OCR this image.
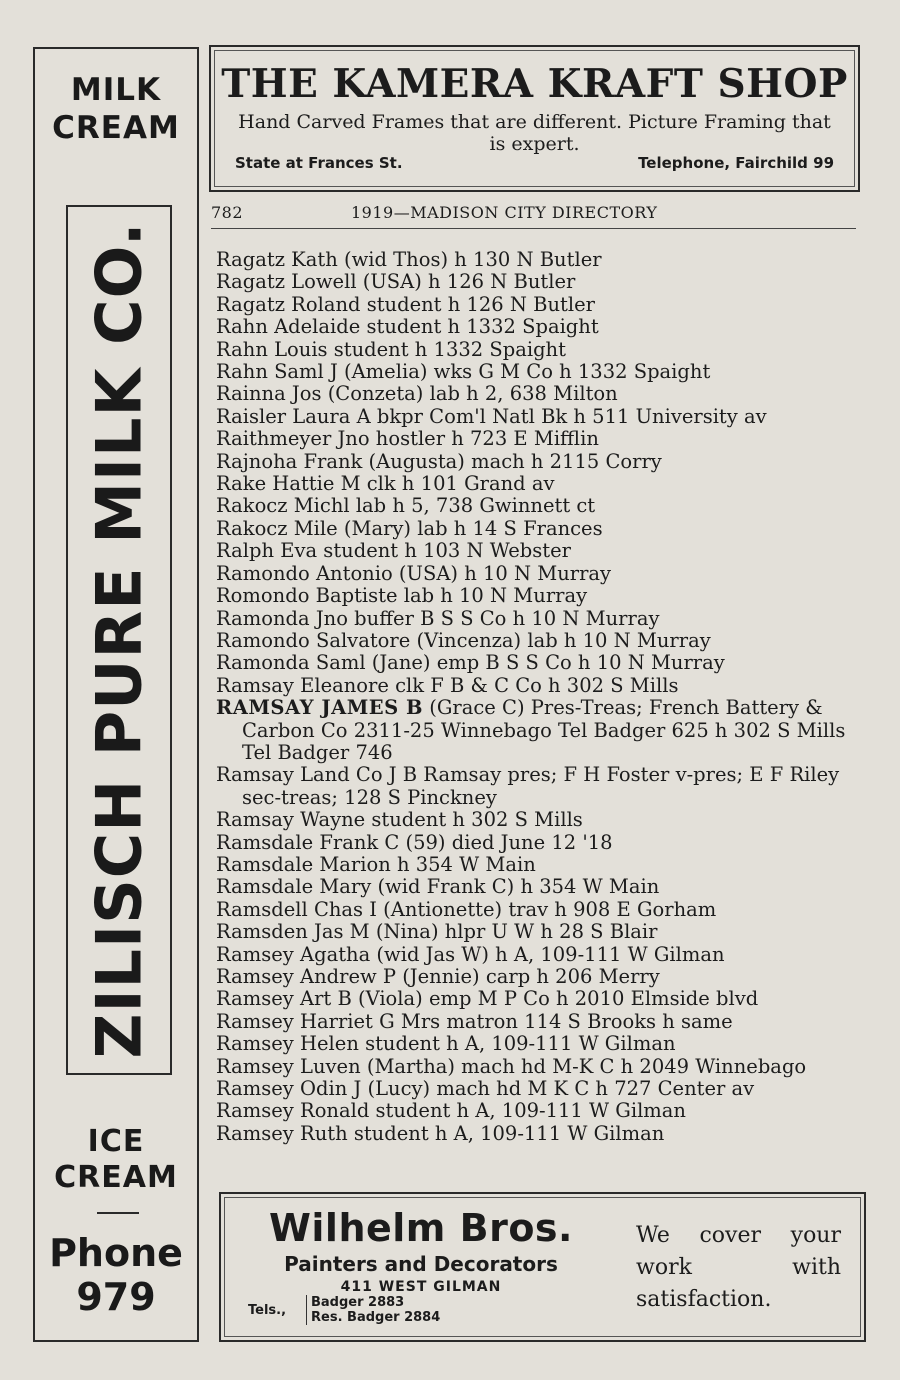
MILK
CREAM
ZILISCH PURE MILK CO.
ICE
CREAM
Phone
979
THE KAMERA KRAFT SHOP
Hand Carved Frames that are different. Picture Framing that is expert.
State at Frances St.	Telephone, Fairchild 99
782	1919—MADISON CITY DIRECTORY
Ragatz Kath (wid Thos) h 130 N Butler
Ragatz Lowell (USA) h 126 N Butler
Ragatz Roland student h 126 N Butler
Rahn Adelaide student h 1332 Spaight
Rahn Louis student h 1332 Spaight
Rahn Saml J (Amelia) wks G M Co h 1332 Spaight
Rainna Jos (Conzeta) lab h 2, 638 Milton
Raisler Laura A bkpr Com'l Natl Bk h 511 University av
Raithmeyer Jno hostler h 723 E Mifflin
Rajnoha Frank (Augusta) mach h 2115 Corry
Rake Hattie M clk h 101 Grand av
Rakocz Michl lab h 5, 738 Gwinnett ct
Rakocz Mile (Mary) lab h 14 S Frances
Ralph Eva student h 103 N Webster
Ramondo Antonio (USA) h 10 N Murray
Romondo Baptiste lab h 10 N Murray
Ramonda Jno buffer B S S Co h 10 N Murray
Ramondo Salvatore (Vincenza) lab h 10 N Murray
Ramonda Saml (Jane) emp B S S Co h 10 N Murray
Ramsay Eleanore clk F B & C Co h 302 S Mills
RAMSAY JAMES B (Grace C) Pres-Treas; French Battery & Carbon Co 2311-25 Winnebago Tel Badger 625 h 302 S Mills Tel Badger 746
Ramsay Land Co J B Ramsay pres; F H Foster v-pres; E F Riley sec-treas; 128 S Pinckney
Ramsay Wayne student h 302 S Mills
Ramsdale Frank C (59) died June 12 '18
Ramsdale Marion h 354 W Main
Ramsdale Mary (wid Frank C) h 354 W Main
Ramsdell Chas I (Antionette) trav h 908 E Gorham
Ramsden Jas M (Nina) hlpr U W h 28 S Blair
Ramsey Agatha (wid Jas W) h A, 109-111 W Gilman
Ramsey Andrew P (Jennie) carp h 206 Merry
Ramsey Art B (Viola) emp M P Co h 2010 Elmside blvd
Ramsey Harriet G Mrs matron 114 S Brooks h same
Ramsey Helen student h A, 109-111 W Gilman
Ramsey Luven (Martha) mach hd M-K C h 2049 Winnebago
Ramsey Odin J (Lucy) mach hd M K C h 727 Center av
Ramsey Ronald student h A, 109-111 W Gilman
Ramsey Ruth student h A, 109-111 W Gilman
Wilhelm Bros.
Painters and Decorators
411 WEST GILMAN
Tels.,
Badger 2883
Res. Badger 2884
We cover your work with satisfaction.
